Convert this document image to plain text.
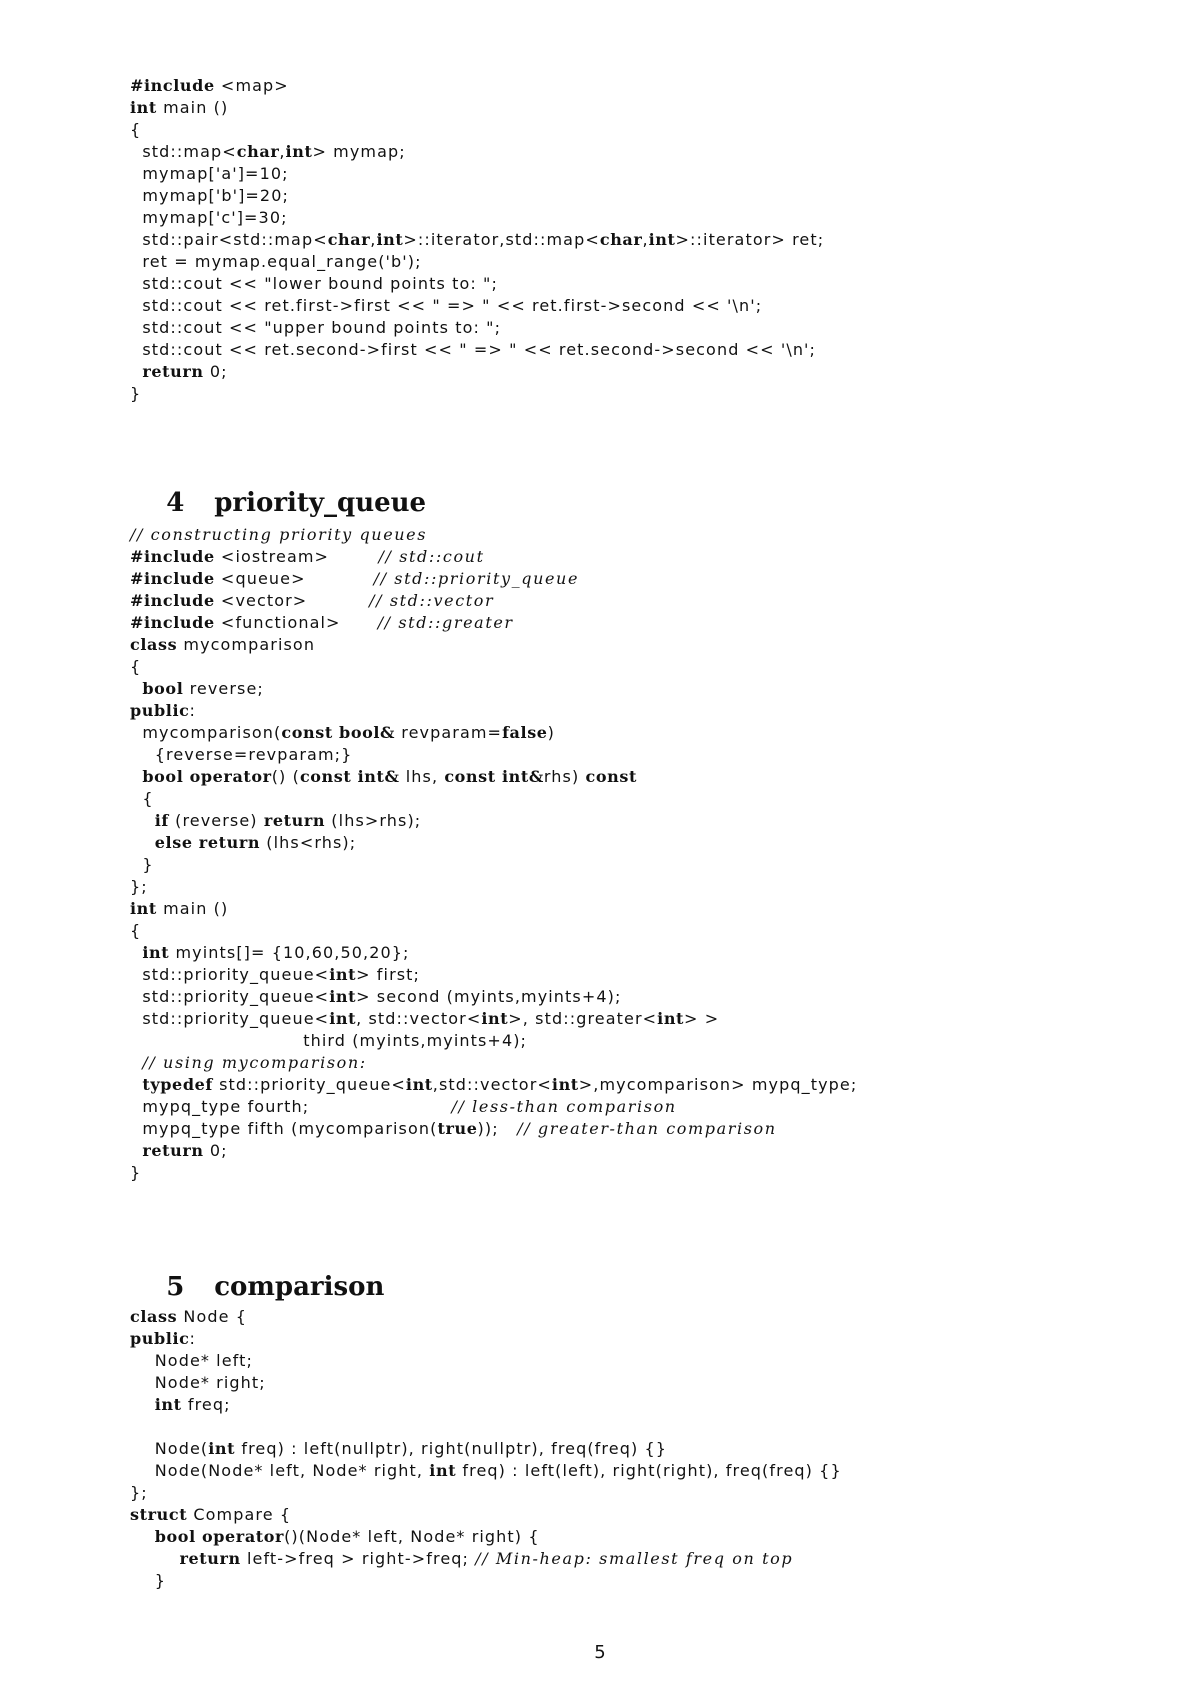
#include <map>
int main ()
{
std::map<char,int> mymap;
mymap['a']=10;
mymap['b']=20;
mymap['c']=30;
std::pair<std::map<char,int>::iterator,std::map<char,int>::iterator> ret;
ret = mymap.equal_range('b');
std::cout << "lower bound points to: ";
std::cout << ret.first->first << " => " << ret.first->second << '\n';
std::cout << "upper bound points to: ";
std::cout << ret.second->first << " => " << ret.second->second << '\n';
return 0;
}

4 priority_queue

// constructing priority queues
#include <iostream>        // std::cout
#include <queue>           // std::priority_queue
#include <vector>          // std::vector
#include <functional>      // std::greater
class mycomparison
{
bool reverse;
public:
mycomparison(const bool& revparam=false)
{reverse=revparam;}
bool operator() (const int& lhs, const int&rhs) const
{
if (reverse) return (lhs>rhs);
else return (lhs<rhs);
}
};
int main ()
{
int myints[]= {10,60,50,20};
std::priority_queue<int> first;
std::priority_queue<int> second (myints,myints+4);
std::priority_queue<int, std::vector<int>, std::greater<int> >
third (myints,myints+4);
// using mycomparison:
typedef std::priority_queue<int,std::vector<int>,mycomparison> mypq_type;
mypq_type fourth;                       // less-than comparison
mypq_type fifth (mycomparison(true));   // greater-than comparison
return 0;
}

5 comparison

class Node {
public:
Node* left;
Node* right;
int freq;
Node(int freq) : left(nullptr), right(nullptr), freq(freq) {}
Node(Node* left, Node* right, int freq) : left(left), right(right), freq(freq) {}
};
struct Compare {
bool operator()(Node* left, Node* right) {
return left->freq > right->freq; // Min-heap: smallest freq on top
}
5
